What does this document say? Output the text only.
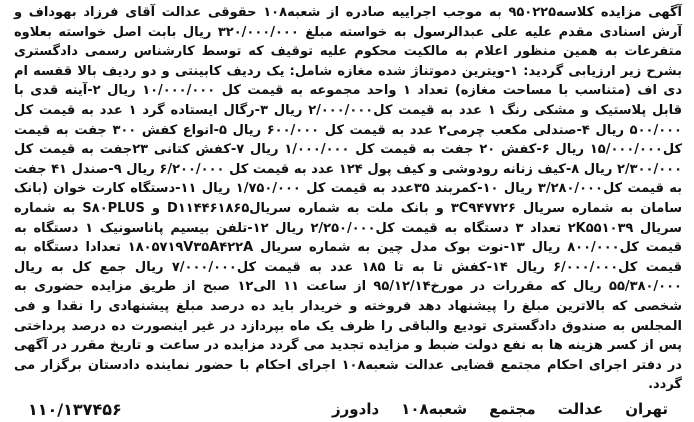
آگهی مزایده کلاسه۹۵۰۲۲۵ به موجب اجراییه صادره از شعبه۱۰۸ حقوقی عدالت آقای فرزاد بهوداف و آرش اسنادی مقدم علیه علی عبدالرسول به خواسته مبلغ ۳۲۰/۰۰۰/۰۰۰ ریال بابت اصل خواسته بعلاوه متفرعات به همین منظور اعلام به مالکیت محکوم علیه توقیف که توسط کارشناس رسمی دادگستری بشرح زیر ارزیابی گردید: ۱-ویترین دموتناژ شده مغازه شامل: یک ردیف کابینتی و دو ردیف بالا قفسه ام دی اف (متناسب با مساحت مغازه) تعداد ۱ واحد مجموعه به قیمت کل ۱۰/۰۰۰/۰۰۰ ریال ۲-آینه قدی با قابل پلاستیک و مشکی رنگ ۱ عدد به قیمت کل۲/۰۰۰/۰۰۰ ریال ۳-رگال ایستاده گرد ۱ عدد به قیمت کل ۵۰۰/۰۰۰ ریال ۴-صندلی مکعب چرمی۲ عدد به قیمت کل ۶۰۰/۰۰۰ ریال ۵-انواع کفش ۳۰۰ جفت به قیمت کل۱۵/۰۰۰/۰۰۰ ریال ۶-کفش ۲۰ جفت به قیمت کل ۱/۰۰۰/۰۰۰ ریال ۷-کفش کتانی ۲۳جفت به قیمت کل ۲/۳۰۰/۰۰۰ ریال ۸-کیف زنانه رودوشی و کیف پول ۱۲۴ عدد به قیمت کل ۶/۲۰۰/۰۰۰ ریال ۹-صندل ۴۱ جفت به قیمت کل۳/۲۸۰/۰۰۰ ریال ۱۰-کمربند ۳۵عدد به قیمت کل ۱/۷۵۰/۰۰۰ ریال ۱۱-دستگاه کارت خوان (بانک سامان به شماره سریال ۳C۹۴۷۷۲۶ و بانک ملت به شماره سریالD۱۱۴۴۶۱۸۶۵ و S۸۰PLUS به شماره سریال ۲K۵۵۱۰۳۹ تعداد ۳ دستگاه به قیمت کل۲/۲۵۰/۰۰۰ ریال ۱۲-تلفن بیسیم پاناسونیک ۱ دستگاه به قیمت کل۸۰۰/۰۰۰ ریال ۱۳-نوت بوک مدل چین به شماره سریال ۱۸۰۵۷۱۹V۳۵A۴۲۲A تعدادا دستگاه به قیمت کل۶/۰۰۰/۰۰۰ ریال ۱۴-کفش تا به تا ۱۸۵ عدد به قیمت کل۷/۰۰۰/۰۰۰ ریال جمع کل به ریال ۵۵/۳۸۰/۰۰۰ ریال که مقررات در مورخ۹۵/۱۲/۱۴ از ساعت ۱۱ الی۱۲ صبح از طریق مزایده حضوری به شخصی که بالاترین مبلغ را پیشنهاد دهد فروخته و خریدار باید ده درصد مبلغ پیشنهادی را نقدا و فی المجلس به صندوق دادگستری تودیع والباقی را ظرف یک ماه بپردازد در غیر اینصورت ده درصد پرداختی پس از کسر هزینه ها به نفع دولت ضبط و مزایده تجدید می گردد مزایده در ساعت و تاریخ مقرر در آگهی در دفتر اجرای احکام مجتمع قضایی عدالت شعبه۱۰۸ اجرای احکام با حضور نماینده دادستان برگزار می گردد.

تهران
عدالت
مجتمع
شعبه۱۰۸
دادورز
۱۱۰/۱۳۷۴۵۶
